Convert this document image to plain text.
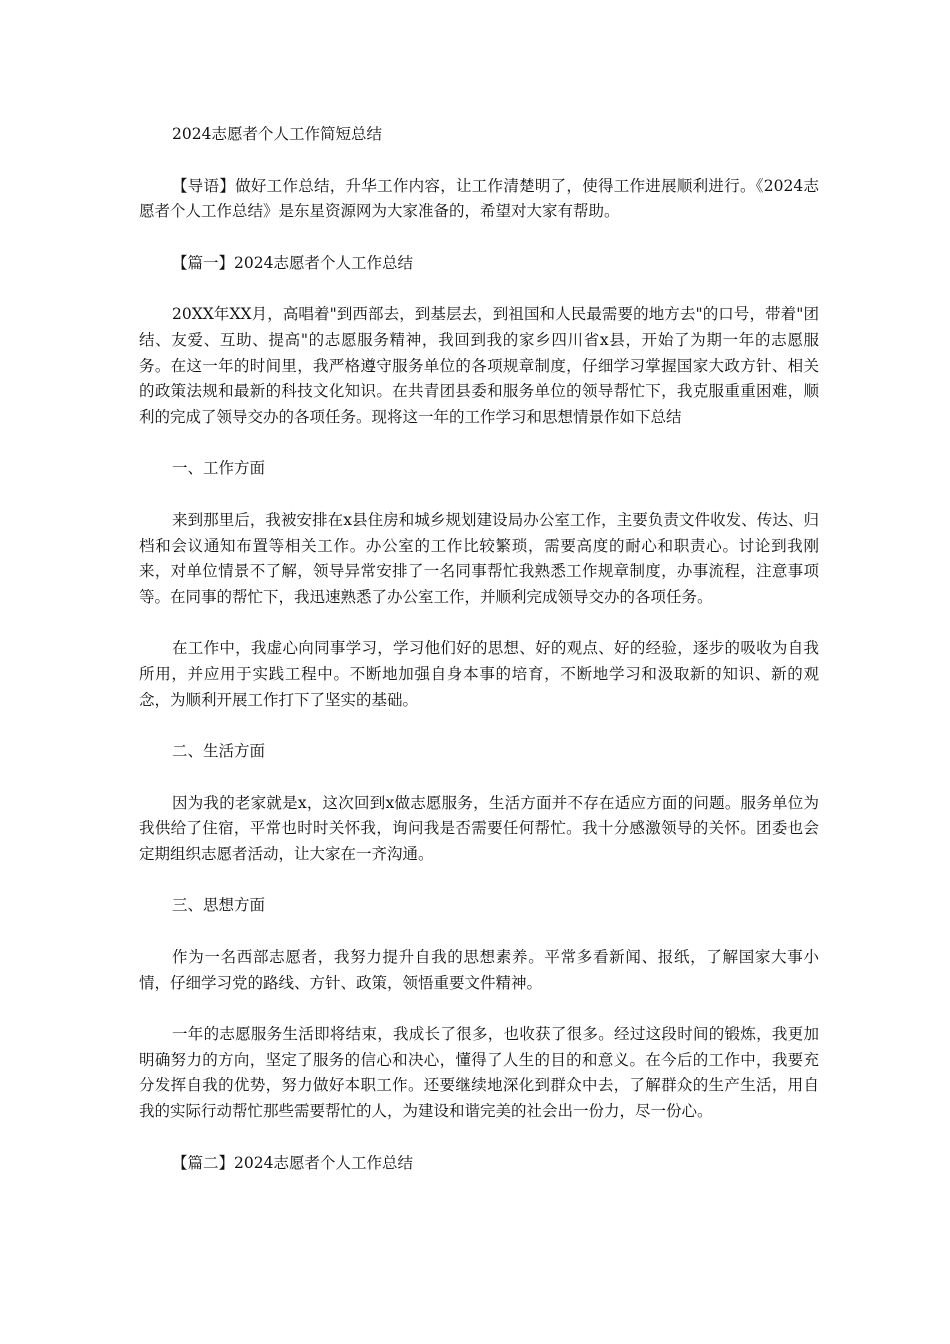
2024志愿者个人工作简短总结

【导语】做好工作总结，升华工作内容，让工作清楚明了，使得工作进展顺利进行。《2024志愿者个人工作总结》是东星资源网为大家准备的，希望对大家有帮助。

【篇一】2024志愿者个人工作总结

20XX年XX月，高唱着"到西部去，到基层去，到祖国和人民最需要的地方去"的口号，带着"团结、友爱、互助、提高"的志愿服务精神，我回到我的家乡四川省x县，开始了为期一年的志愿服务。在这一年的时间里，我严格遵守服务单位的各项规章制度，仔细学习掌握国家大政方针、相关的政策法规和最新的科技文化知识。在共青团县委和服务单位的领导帮忙下，我克服重重困难，顺利的完成了领导交办的各项任务。现将这一年的工作学习和思想情景作如下总结

一、工作方面

来到那里后，我被安排在x县住房和城乡规划建设局办公室工作，主要负责文件收发、传达、归档和会议通知布置等相关工作。办公室的工作比较繁琐，需要高度的耐心和职责心。讨论到我刚来，对单位情景不了解，领导异常安排了一名同事帮忙我熟悉工作规章制度，办事流程，注意事项等。在同事的帮忙下，我迅速熟悉了办公室工作，并顺利完成领导交办的各项任务。

在工作中，我虚心向同事学习，学习他们好的思想、好的观点、好的经验，逐步的吸收为自我所用，并应用于实践工程中。不断地加强自身本事的培育，不断地学习和汲取新的知识、新的观念，为顺利开展工作打下了坚实的基础。

二、生活方面

因为我的老家就是x，这次回到x做志愿服务，生活方面并不存在适应方面的问题。服务单位为我供给了住宿，平常也时时关怀我，询问我是否需要任何帮忙。我十分感激领导的关怀。团委也会定期组织志愿者活动，让大家在一齐沟通。

三、思想方面

作为一名西部志愿者，我努力提升自我的思想素养。平常多看新闻、报纸，了解国家大事小情，仔细学习党的路线、方针、政策，领悟重要文件精神。

一年的志愿服务生活即将结束，我成长了很多，也收获了很多。经过这段时间的锻炼，我更加明确努力的方向，坚定了服务的信心和决心，懂得了人生的目的和意义。在今后的工作中，我要充分发挥自我的优势，努力做好本职工作。还要继续地深化到群众中去，了解群众的生产生活，用自我的实际行动帮忙那些需要帮忙的人，为建设和谐完美的社会出一份力，尽一份心。

【篇二】2024志愿者个人工作总结
